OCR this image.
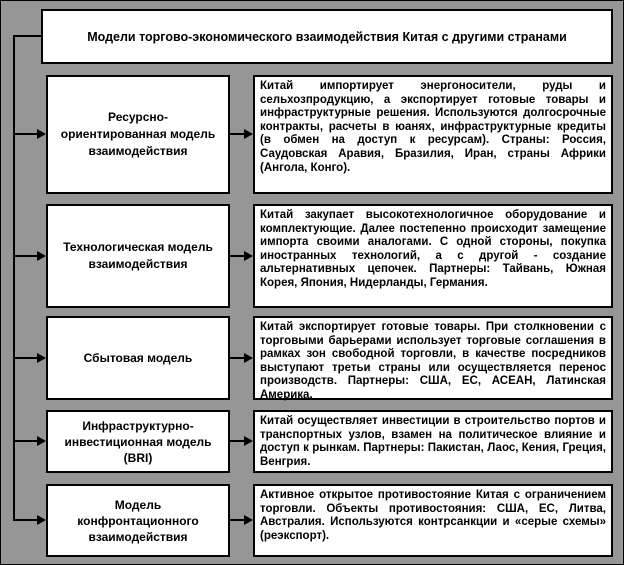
Модели торгово-экономического взаимодействия Китая с другими странами
Ресурсно-ориентированная модель взаимодействия
Китай импортирует энергоносители, руды и сельхозпродукцию, а экспортирует готовые товары и инфраструктурные решения. Используются долгосрочные контракты, расчеты в юанях, инфраструктурные кредиты (в обмен на доступ к ресурсам). Страны: Россия, Саудовская Аравия, Бразилия, Иран, страны Африки (Ангола, Конго).
Технологическая модель взаимодействия
Китай закупает высокотехнологичное оборудование и комплектующие. Далее постепенно происходит замещение импорта своими аналогами. С одной стороны, покупка иностранных технологий, а с другой - создание альтернативных цепочек. Партнеры: Тайвань, Южная Корея, Япония, Нидерланды, Германия.
Сбытовая модель
Китай экспортирует готовые товары. При столкновении с торговыми барьерами использует торговые соглашения в рамках зон свободной торговли, в качестве посредников выступают третьи страны или осуществляется перенос производств. Партнеры: США, ЕС, АСЕАН, Латинская Америка.
Инфраструктурно-инвестиционная модель (BRI)
Китай осуществляет инвестиции в строительство портов и транспортных узлов, взамен на политическое влияние и доступ к рынкам. Партнеры: Пакистан, Лаос, Кения, Греция, Венгрия.
Модель конфронтационного взаимодействия
Активное открытое противостояние Китая с ограничением торговли. Объекты противостояния: США, ЕС, Литва, Австралия. Используются контрсанкции и «серые схемы» (реэкспорт).
